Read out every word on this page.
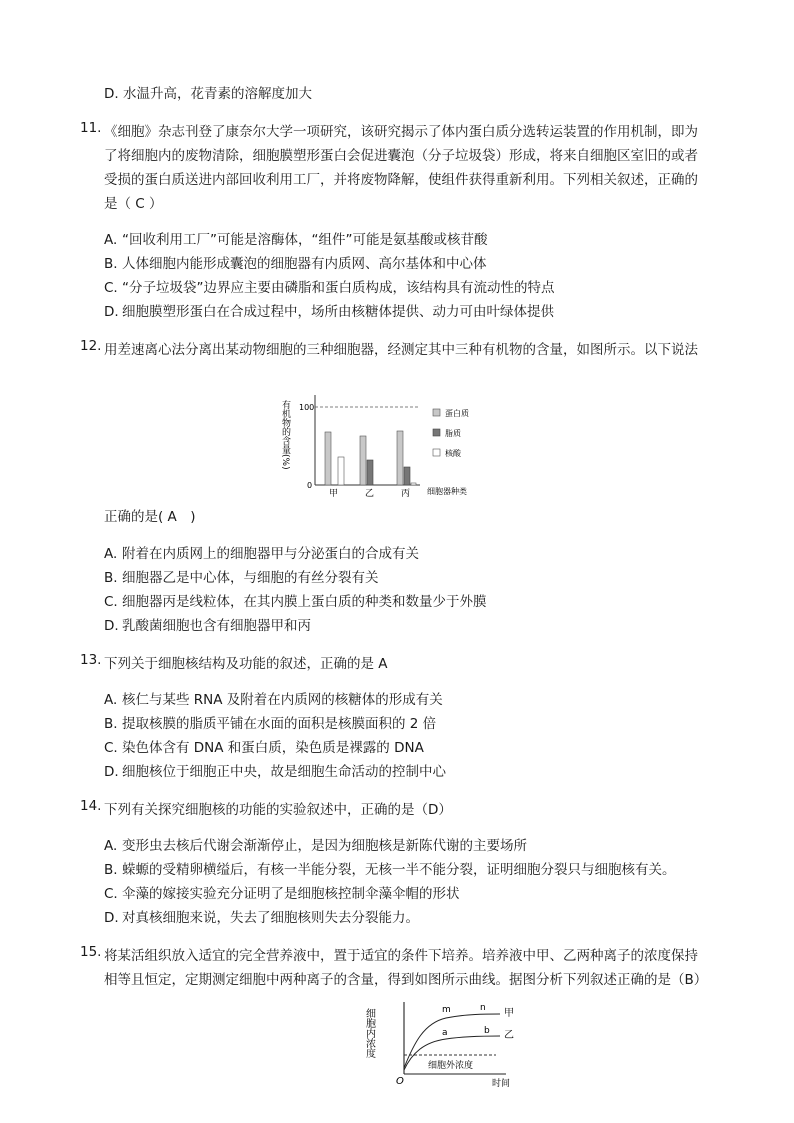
D. 水温升高，花青素的溶解度加大
11. 《细胞》杂志刊登了康奈尔大学一项研究，该研究揭示了体内蛋白质分选转运装置的作用机制，即为
了将细胞内的废物清除，细胞膜塑形蛋白会促进囊泡（分子垃圾袋）形成，将来自细胞区室旧的或者
受损的蛋白质送进内部回收利用工厂，并将废物降解，使组件获得重新利用。下列相关叙述，正确的
是（ C ）
A. “回收利用工厂”可能是溶酶体，“组件”可能是氨基酸或核苷酸
B. 人体细胞内能形成囊泡的细胞器有内质网、高尔基体和中心体
C. “分子垃圾袋”边界应主要由磷脂和蛋白质构成，该结构具有流动性的特点
D. 细胞膜塑形蛋白在合成过程中，场所由核糖体提供、动力可由叶绿体提供
12. 用差速离心法分离出某动物细胞的三种细胞器，经测定其中三种有机物的含量，如图所示。以下说法
有机物的含量(%) 100
0
甲	乙	丙 细胞器种类
蛋白质
脂质
核酸
正确的是( A　)
A. 附着在内质网上的细胞器甲与分泌蛋白的合成有关
B. 细胞器乙是中心体，与细胞的有丝分裂有关
C. 细胞器丙是线粒体，在其内膜上蛋白质的种类和数量少于外膜
D. 乳酸菌细胞也含有细胞器甲和丙
13. 下列关于细胞核结构及功能的叙述，正确的是 A
A. 核仁与某些 RNA 及附着在内质网的核糖体的形成有关
B. 提取核膜的脂质平铺在水面的面积是核膜面积的 2 倍
C. 染色体含有 DNA 和蛋白质，染色质是裸露的 DNA
D. 细胞核位于细胞正中央，故是细胞生命活动的控制中心
14. 下列有关探究细胞核的功能的实验叙述中，正确的是（D）
A. 变形虫去核后代谢会渐渐停止，是因为细胞核是新陈代谢的主要场所
B. 蝾螈的受精卵横缢后，有核一半能分裂，无核一半不能分裂，证明细胞分裂只与细胞核有关。
C. 伞藻的嫁接实验充分证明了是细胞核控制伞藻伞帽的形状
D. 对真核细胞来说，失去了细胞核则失去分裂能力。
15. 将某活组织放入适宜的完全营养液中，置于适宜的条件下培养。培养液中甲、乙两种离子的浓度保持
相等且恒定，定期测定细胞中两种离子的含量，得到如图所示曲线。据图分析下列叙述正确的是（B）
细胞内浓度
O
细胞外浓度
m	n
a	b
甲
乙
时间
